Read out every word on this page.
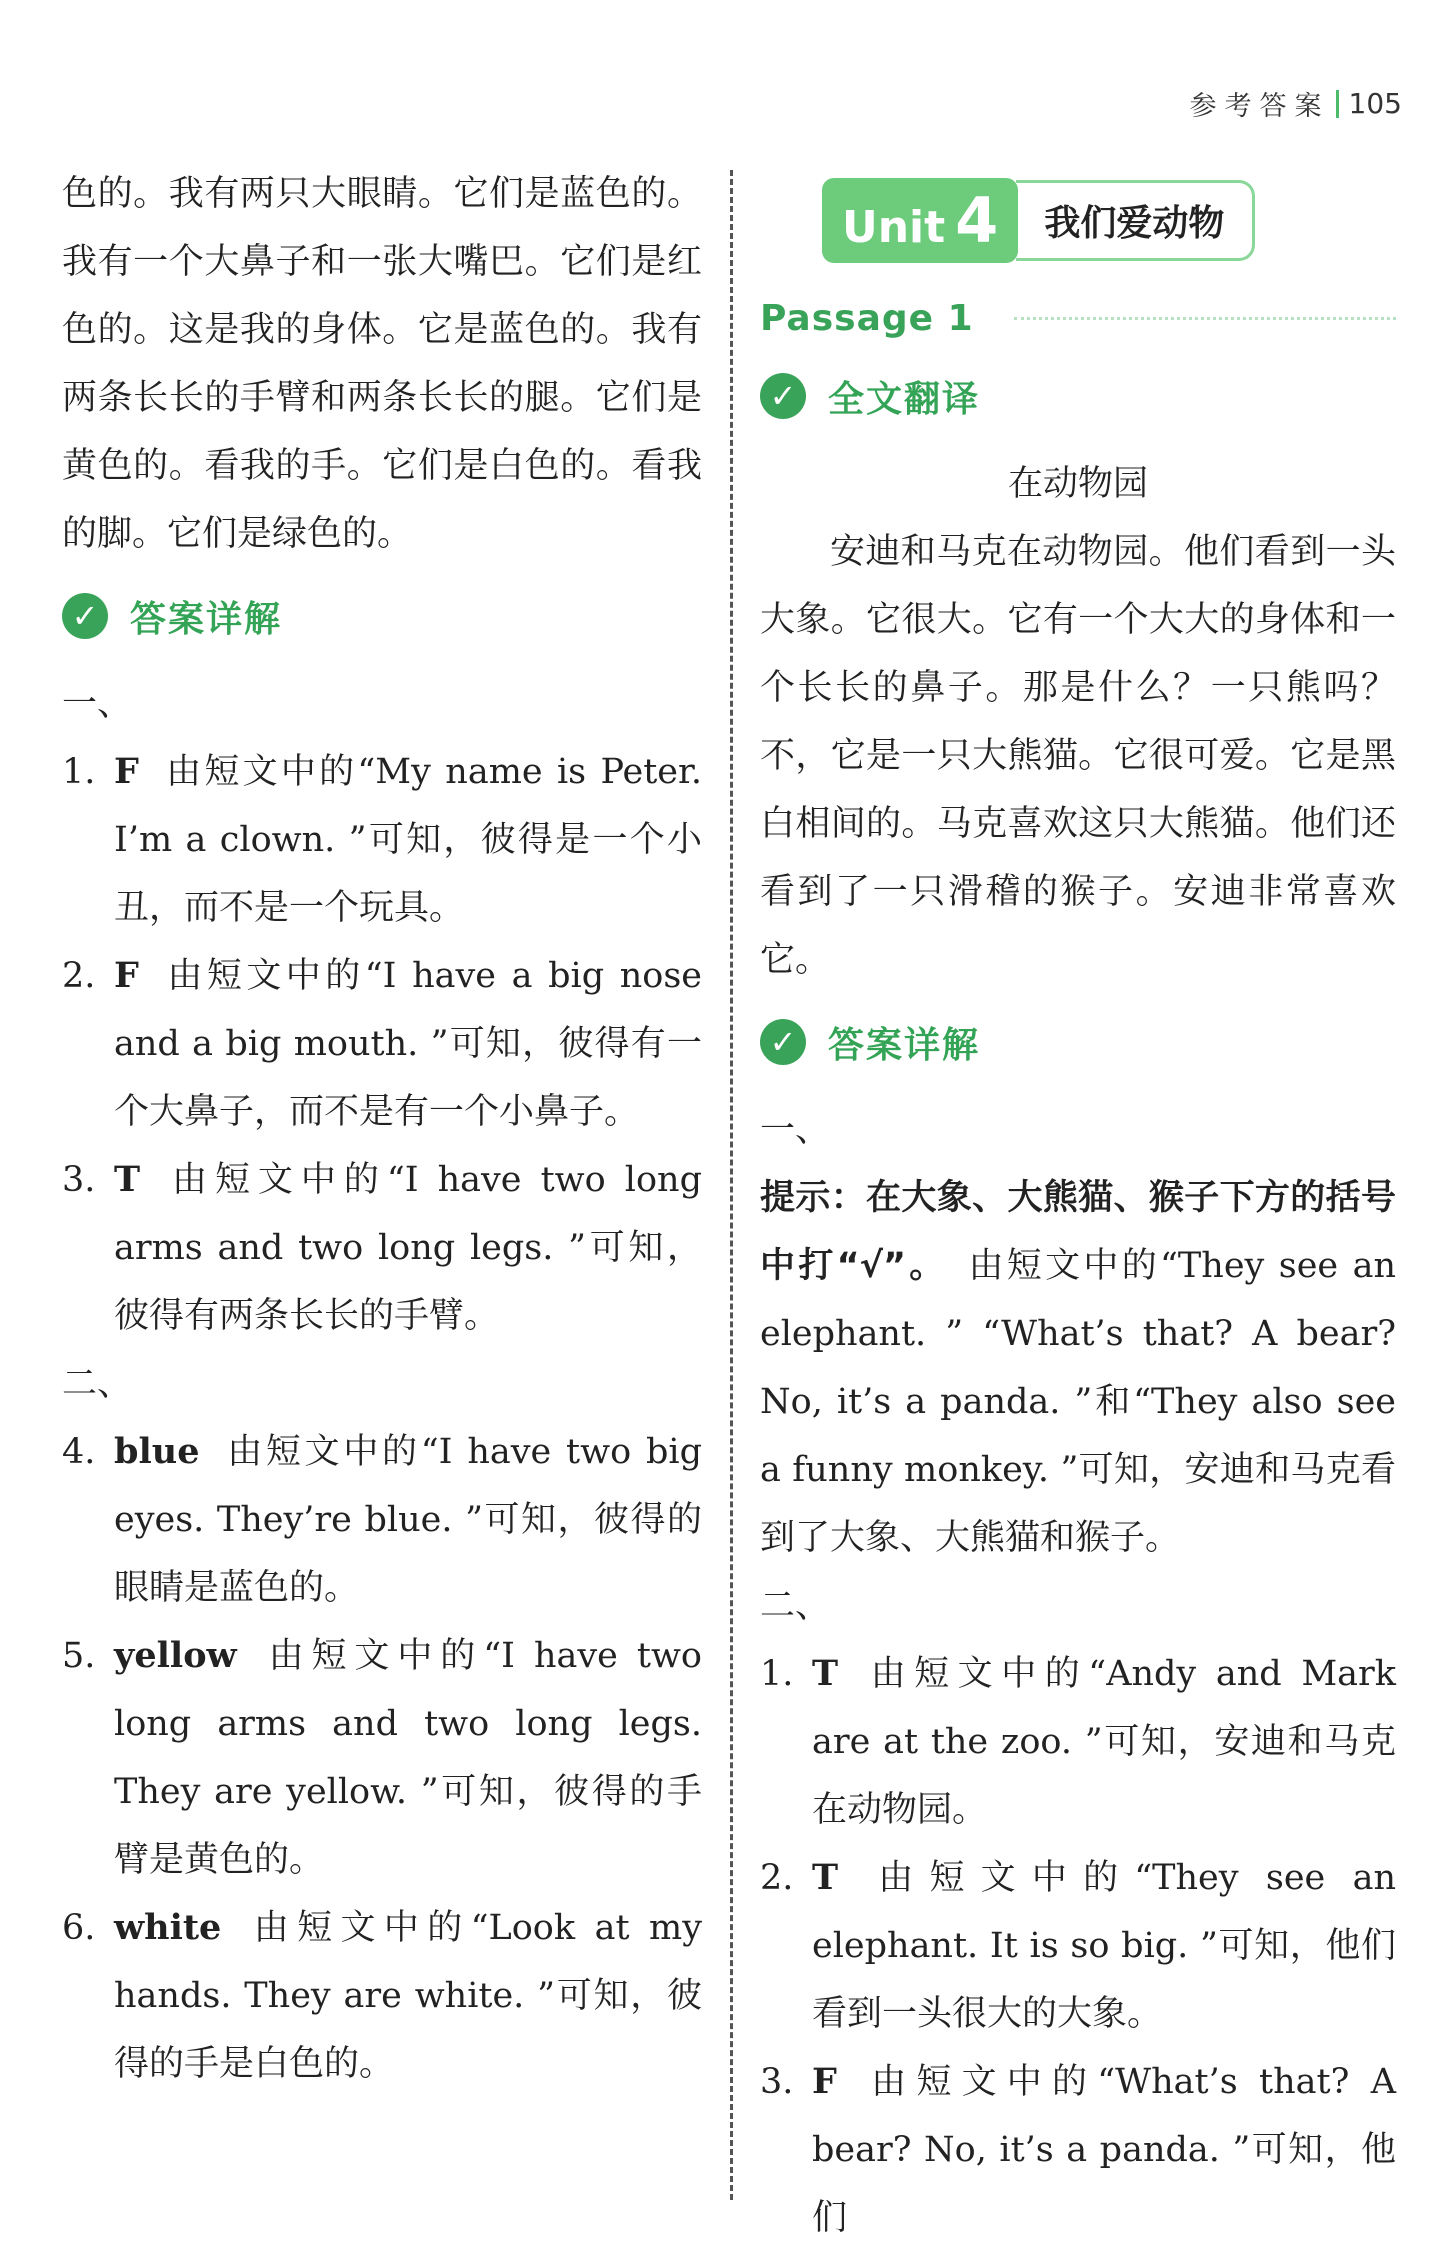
参考答案 105

色的。我有两只大眼睛。它们是蓝色的。我有一个大鼻子和一张大嘴巴。它们是红色的。这是我的身体。它是蓝色的。我有两条长长的手臂和两条长长的腿。它们是黄色的。看我的手。它们是白色的。看我的脚。它们是绿色的。

✓ 答案详解

一、

1. F 由短文中的“My name is Peter. I’m a clown. ”可知，彼得是一个小丑，而不是一个玩具。
2. F 由短文中的“I have a big nose and a big mouth. ”可知，彼得有一个大鼻子，而不是有一个小鼻子。
3. T 由短文中的“I have two long arms and two long legs. ”可知，彼得有两条长长的手臂。

二、

4. blue 由短文中的“I have two big eyes. They’re blue. ”可知，彼得的眼睛是蓝色的。
5. yellow 由短文中的“I have two long arms and two long legs. They are yellow. ”可知，彼得的手臂是黄色的。
6. white 由短文中的“Look at my hands. They are white. ”可知，彼得的手是白色的。
Unit 4	我们爱动物
Passage 1
✓ 全文翻译

在动物园

安迪和马克在动物园。他们看到一头大象。它很大。它有一个大大的身体和一个长长的鼻子。那是什么？一只熊吗？不，它是一只大熊猫。它很可爱。它是黑白相间的。马克喜欢这只大熊猫。他们还看到了一只滑稽的猴子。安迪非常喜欢它。

✓ 答案详解

一、

提示：在大象、大熊猫、猴子下方的括号中打“√”。　 由短文中的“They see an elephant. ” “What’s that? A bear? No, it’s a panda. ”和“They also see a funny monkey. ”可知，安迪和马克看到了大象、大熊猫和猴子。

二、

1. T 由短文中的“Andy and Mark are at the zoo. ”可知，安迪和马克在动物园。
2. T 由短文中的“They see an elephant. It is so big. ”可知，他们看到一头很大的大象。
3. F 由短文中的“What’s that? A bear? No, it’s a panda. ”可知，他们
